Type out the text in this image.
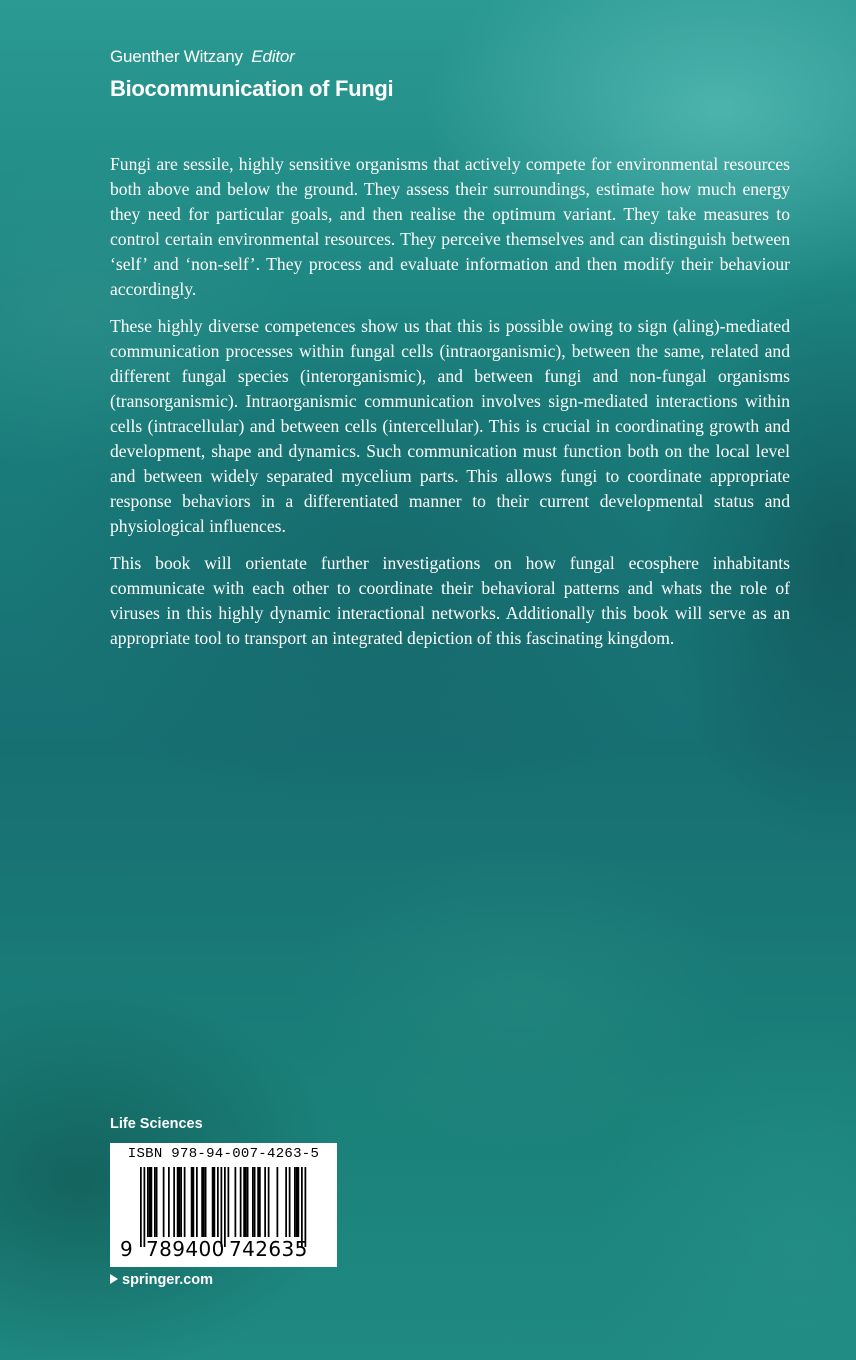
Guenther Witzany Editor
Biocommunication of Fungi

Fungi are sessile, highly sensitive organisms that actively compete for environmental resources both above and below the ground. They assess their surroundings, estimate how much energy they need for particular goals, and then realise the optimum variant. They take measures to control certain environmental resources. They perceive themselves and can distinguish between ‘self’ and ‘non-self’. They process and evaluate information and then modify their behaviour accordingly.

These highly diverse competences show us that this is possible owing to sign (aling)-mediated communication processes within fungal cells (intraorganismic), between the same, related and different fungal species (interorganismic), and between fungi and non-fungal organisms (transorganismic). Intraorganismic communication involves sign-mediated interactions within cells (intracellular) and between cells (intercellular). This is crucial in coordinating growth and development, shape and dynamics. Such communication must function both on the local level and between widely separated mycelium parts. This allows fungi to coordinate appropriate response behaviors in a differentiated manner to their current developmental status and physiological influences.

This book will orientate further investigations on how fungal ecosphere inhabitants communicate with each other to coordinate their behavioral patterns and whats the role of viruses in this highly dynamic interactional networks. Additionally this book will serve as an appropriate tool to transport an integrated depiction of this fascinating kingdom.

Life Sciences
ISBN 978-94-007-4263-5
9 789400 742635
springer.com
